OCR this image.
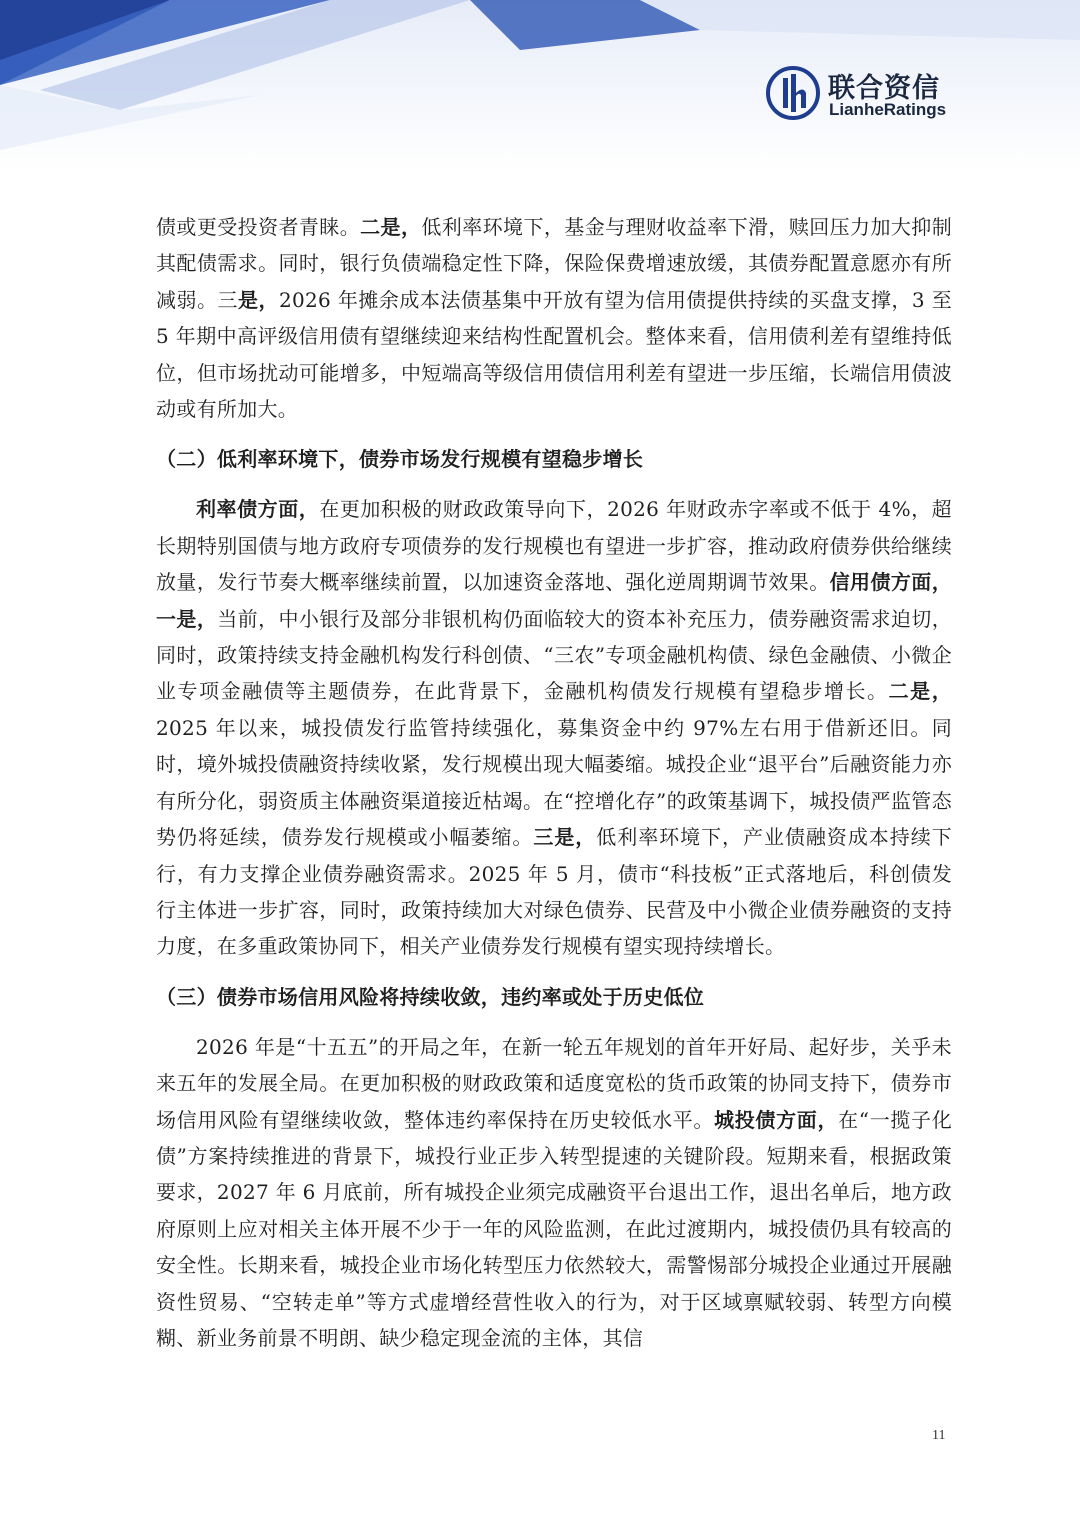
联合资信
LianheRatings

债或更受投资者青睐。二是，低利率环境下，基金与理财收益率下滑，赎回压力加大抑制其配债需求。同时，银行负债端稳定性下降，保险保费增速放缓，其债券配置意愿亦有所减弱。三是，2026 年摊余成本法债基集中开放有望为信用债提供持续的买盘支撑，3 至 5 年期中高评级信用债有望继续迎来结构性配置机会。整体来看，信用债利差有望维持低位，但市场扰动可能增多，中短端高等级信用债信用利差有望进一步压缩，长端信用债波动或有所加大。

（二）低利率环境下，债券市场发行规模有望稳步增长

利率债方面，在更加积极的财政政策导向下，2026 年财政赤字率或不低于 4%，超长期特别国债与地方政府专项债券的发行规模也有望进一步扩容，推动政府债券供给继续放量，发行节奏大概率继续前置，以加速资金落地、强化逆周期调节效果。信用债方面，一是，当前，中小银行及部分非银机构仍面临较大的资本补充压力，债券融资需求迫切，同时，政策持续支持金融机构发行科创债、“三农”专项金融机构债、绿色金融债、小微企业专项金融债等主题债券，在此背景下，金融机构债发行规模有望稳步增长。二是，2025 年以来，城投债发行监管持续强化，募集资金中约 97%左右用于借新还旧。同时，境外城投债融资持续收紧，发行规模出现大幅萎缩。城投企业“退平台”后融资能力亦有所分化，弱资质主体融资渠道接近枯竭。在“控增化存”的政策基调下，城投债严监管态势仍将延续，债券发行规模或小幅萎缩。三是，低利率环境下，产业债融资成本持续下行，有力支撑企业债券融资需求。2025 年 5 月，债市“科技板”正式落地后，科创债发行主体进一步扩容，同时，政策持续加大对绿色债券、民营及中小微企业债券融资的支持力度，在多重政策协同下，相关产业债券发行规模有望实现持续增长。

（三）债券市场信用风险将持续收敛，违约率或处于历史低位

2026 年是“十五五”的开局之年，在新一轮五年规划的首年开好局、起好步，关乎未来五年的发展全局。在更加积极的财政政策和适度宽松的货币政策的协同支持下，债券市场信用风险有望继续收敛，整体违约率保持在历史较低水平。城投债方面，在“一揽子化债”方案持续推进的背景下，城投行业正步入转型提速的关键阶段。短期来看，根据政策要求，2027 年 6 月底前，所有城投企业须完成融资平台退出工作，退出名单后，地方政府原则上应对相关主体开展不少于一年的风险监测，在此过渡期内，城投债仍具有较高的安全性。长期来看，城投企业市场化转型压力依然较大，需警惕部分城投企业通过开展融资性贸易、“空转走单”等方式虚增经营性收入的行为，对于区域禀赋较弱、转型方向模糊、新业务前景不明朗、缺少稳定现金流的主体，其信

11
